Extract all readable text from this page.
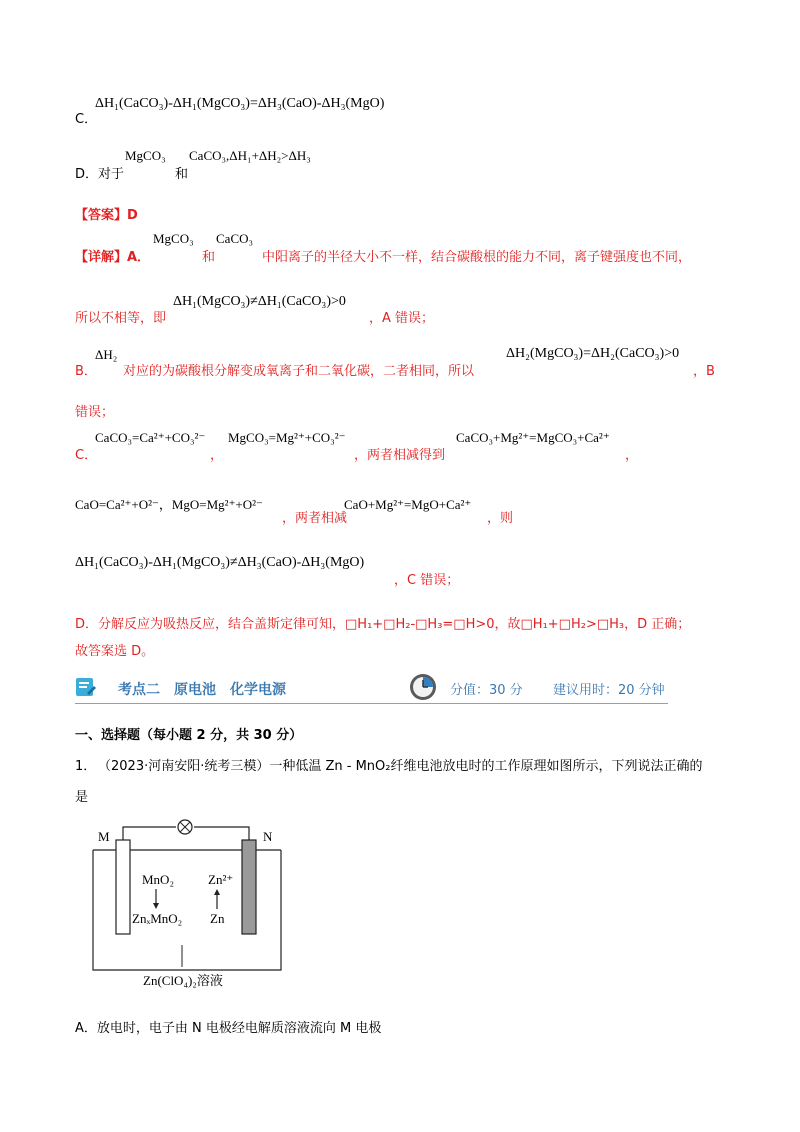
C．
ΔH₁(CaCO₃)-ΔH₁(MgCO₃)=ΔH₃(CaO)-ΔH₃(MgO)
D．对于
MgCO₃
和
CaCO₃,ΔH₁+ΔH₂>ΔH₃
【答案】D
【详解】A．
MgCO₃
和
CaCO₃
中阳离子的半径大小不一样，结合碳酸根的能力不同，离子键强度也不同，
所以不相等，即
ΔH₁(MgCO₃)≠ΔH₁(CaCO₃)>0
，A 错误；
B．
ΔH₂
对应的为碳酸根分解变成氧离子和二氧化碳，二者相同，所以
ΔH₂(MgCO₃)=ΔH₂(CaCO₃)>0
，B
错误；
C．
CaCO₃=Ca²⁺+CO₃²⁻
，
MgCO₃=Mg²⁺+CO₃²⁻
，两者相减得到
CaCO₃+Mg²⁺=MgCO₃+Ca²⁺
，
CaO=Ca²⁺+O²⁻，MgO=Mg²⁺+O²⁻
，两者相减
CaO+Mg²⁺=MgO+Ca²⁺
，则
ΔH₁(CaCO₃)-ΔH₁(MgCO₃)≠ΔH₃(CaO)-ΔH₃(MgO)
，C 错误；
D．分解反应为吸热反应，结合盖斯定律可知，□H₁+□H₂-□H₃=□H>0，故□H₁+□H₂>□H₃，D 正确；
故答案选 D。
考点二　原电池　化学电源	分值：30 分 建议用时：20 分钟
一、选择题（每小题 2 分，共 30 分）
1． （2023·河南安阳·统考三模）一种低温 Zn - MnO₂纤维电池放电时的工作原理如图所示，下列说法正确的
是
M	N
MnO₂
ZnₓMnO₂
Zn²⁺
Zn
Zn(ClO₄)₂溶液
A．放电时，电子由 N 电极经电解质溶液流向 M 电极
